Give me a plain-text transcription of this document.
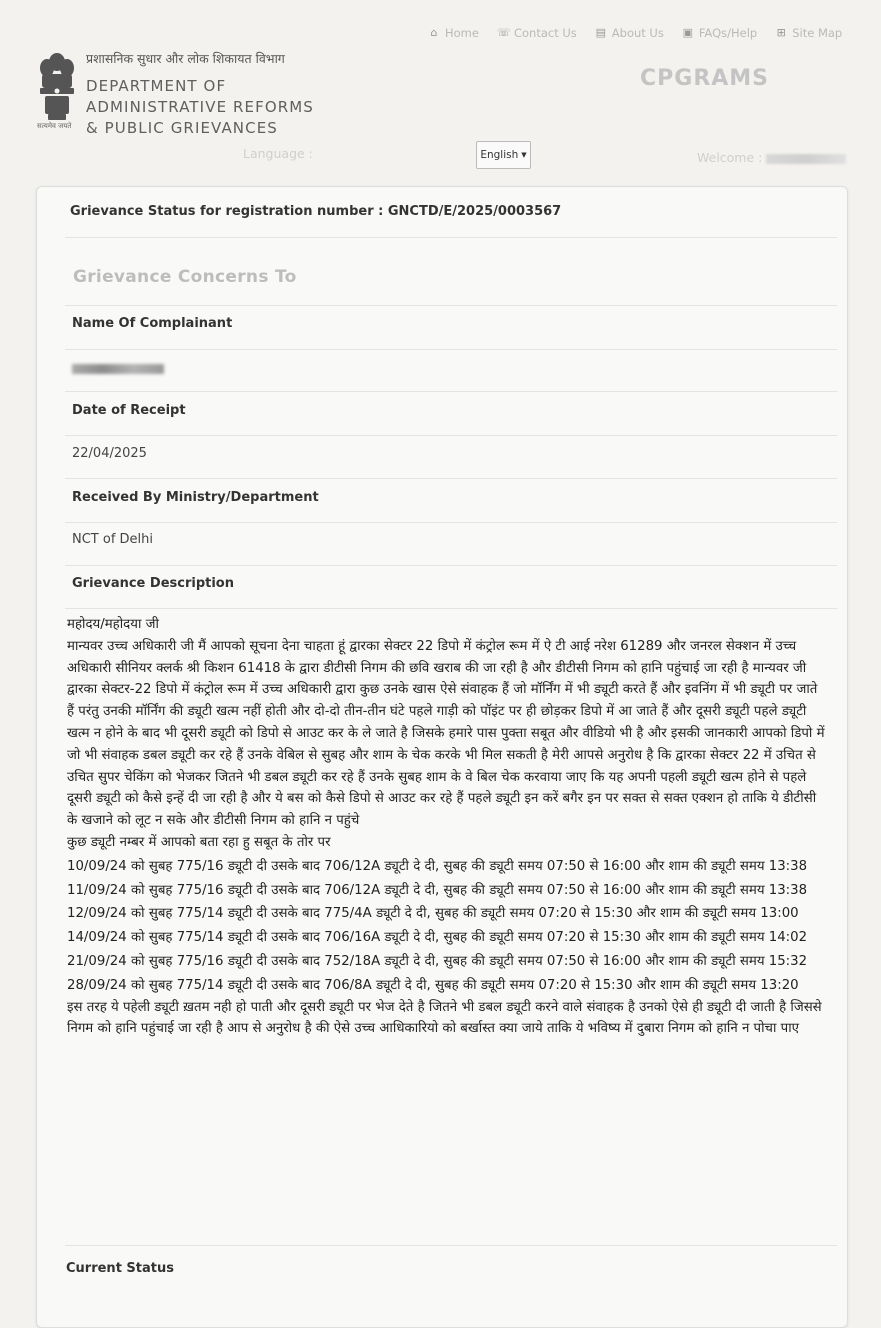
⌂ Home ☏ Contact Us ▤ About Us ▣ FAQs/Help ⊞ Site Map
सत्यमेव जयते
प्रशासनिक सुधार और लोक शिकायत विभाग
DEPARTMENT OF
ADMINISTRATIVE REFORMS
& PUBLIC GRIEVANCES
CPGRAMS
Language :	English ▼	Welcome :
Grievance Status for registration number : GNCTD/E/2025/0003567
Grievance Concerns To
Name Of Complainant
Date of Receipt
22/04/2025
Received By Ministry/Department
NCT of Delhi
Grievance Description

महोदय/महोदया जी

मान्यवर उच्च अधिकारी जी मैं आपको सूचना देना चाहता हूं द्वारका सेक्टर 22 डिपो में कंट्रोल रूम में ऐ टी आई नरेश 61289 और जनरल सेक्शन में उच्च अधिकारी सीनियर क्लर्क श्री किशन 61418 के द्वारा डीटीसी निगम की छवि खराब की जा रही है और डीटीसी निगम को हानि पहुंचाई जा रही है मान्यवर जी द्वारका सेक्टर-22 डिपो में कंट्रोल रूम में उच्च अधिकारी द्वारा कुछ उनके खास ऐसे संवाहक हैं जो मॉर्निंग में भी ड्यूटी करते हैं और इवनिंग में भी ड्यूटी पर जाते हैं परंतु उनकी मॉर्निंग की ड्यूटी खत्म नहीं होती और दो-दो तीन-तीन घंटे पहले गाड़ी को पॉइंट पर ही छोड़कर डिपो में आ जाते हैं और दूसरी ड्यूटी पहले ड्यूटी खत्म न होने के बाद भी दूसरी ड्यूटी को डिपो से आउट कर के ले जाते है जिसके हमारे पास पुक्ता सबूत और वीडियो भी है और इसकी जानकारी आपको डिपो में जो भी संवाहक डबल ड्यूटी कर रहे हैं उनके वेबिल से सुबह और शाम के चेक करके भी मिल सकती है मेरी आपसे अनुरोध है कि द्वारका सेक्टर 22 में उचित से उचित सुपर चेकिंग को भेजकर जितने भी डबल ड्यूटी कर रहे हैं उनके सुबह शाम के वे बिल चेक करवाया जाए कि यह अपनी पहली ड्यूटी खत्म होने से पहले दूसरी ड्यूटी को कैसे इन्हें दी जा रही है और ये बस को कैसे डिपो से आउट कर रहे हैं पहले ड्यूटी इन करें बगैर इन पर सक्त से सक्त एक्शन हो ताकि ये डीटीसी के खजाने को लूट न सके और डीटीसी निगम को हानि न पहुंचे

कुछ ड्यूटी नम्बर में आपको बता रहा हु सबूत के तोर पर

10/09/24 को सुबह 775/16 ड्यूटी दी उसके बाद 706/12A ड्यूटी दे दी, सुबह की ड्यूटी समय 07:50 से 16:00 और शाम की ड्यूटी समय 13:38

11/09/24 को सुबह 775/16 ड्यूटी दी उसके बाद 706/12A ड्यूटी दे दी, सुबह की ड्यूटी समय 07:50 से 16:00 और शाम की ड्यूटी समय 13:38

12/09/24 को सुबह 775/14 ड्यूटी दी उसके बाद 775/4A ड्यूटी दे दी, सुबह की ड्यूटी समय 07:20 से 15:30 और शाम की ड्यूटी समय 13:00

14/09/24 को सुबह 775/14 ड्यूटी दी उसके बाद 706/16A ड्यूटी दे दी, सुबह की ड्यूटी समय 07:20 से 15:30 और शाम की ड्यूटी समय 14:02

21/09/24 को सुबह 775/16 ड्यूटी दी उसके बाद 752/18A ड्यूटी दे दी, सुबह की ड्यूटी समय 07:50 से 16:00 और शाम की ड्यूटी समय 15:32

28/09/24 को सुबह 775/14 ड्यूटी दी उसके बाद 706/8A ड्यूटी दे दी, सुबह की ड्यूटी समय 07:20 से 15:30 और शाम की ड्यूटी समय 13:20

इस तरह ये पहेली ड्यूटी ख़तम नही हो पाती और दूसरी ड्यूटी पर भेज देते है जितने भी डबल ड्यूटी करने वाले संवाहक है उनको ऐसे ही ड्यूटी दी जाती है जिससे निगम को हानि पहुंचाई जा रही है आप से अनुरोध है की ऐसे उच्च आधिकारियो को बर्खास्त क्या जाये ताकि ये भविष्य में दुबारा निगम को हानि न पोचा पाए

Current Status
